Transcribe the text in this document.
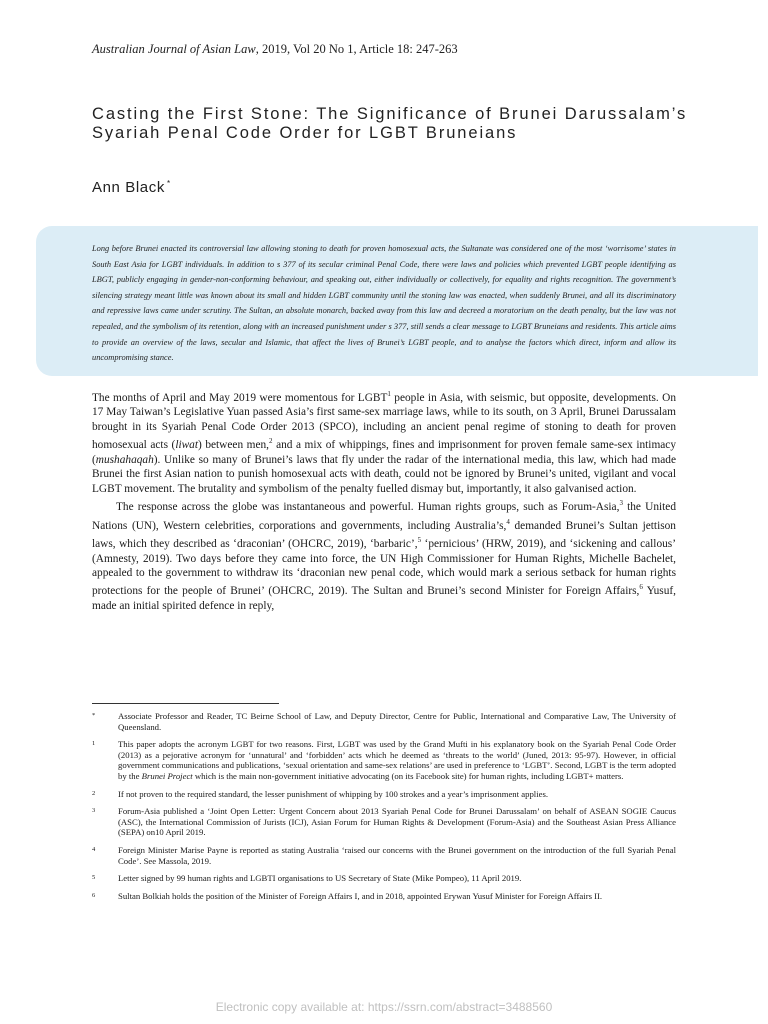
Australian Journal of Asian Law, 2019, Vol 20 No 1, Article 18: 247-263
Casting the First Stone: The Significance of Brunei Darussalam’s Syariah Penal Code Order for LGBT Bruneians
Ann Black *
Long before Brunei enacted its controversial law allowing stoning to death for proven homosexual acts, the Sultanate was considered one of the most ‘worrisome’ states in South East Asia for LGBT individuals. In addition to s 377 of its secular criminal Penal Code, there were laws and policies which prevented LGBT people identifying as LBGT, publicly engaging in gender-non-conforming behaviour, and speaking out, either individually or collectively, for equality and rights recognition. The government’s silencing strategy meant little was known about its small and hidden LGBT community until the stoning law was enacted, when suddenly Brunei, and all its discriminatory and repressive laws came under scrutiny. The Sultan, an absolute monarch, backed away from this law and decreed a moratorium on the death penalty, but the law was not repealed, and the symbolism of its retention, along with an increased punishment under s 377, still sends a clear message to LGBT Bruneians and residents. This article aims to provide an overview of the laws, secular and Islamic, that affect the lives of Brunei’s LGBT people, and to analyse the factors which direct, inform and allow its uncompromising stance.

The months of April and May 2019 were momentous for LGBT$^1$ people in Asia, with seismic, but opposite, developments. On 17 May Taiwan’s Legislative Yuan passed Asia’s first same-sex marriage laws, while to its south, on 3 April, Brunei Darussalam brought in its Syariah Penal Code Order 2013 (SPCO), including an ancient penal regime of stoning to death for proven homosexual acts (liwat) between men,$^2$ and a mix of whippings, fines and imprisonment for proven female same-sex intimacy (mushahaqah). Unlike so many of Brunei’s laws that fly under the radar of the international media, this law, which had made Brunei the first Asian nation to punish homosexual acts with death, could not be ignored by Brunei’s united, vigilant and vocal LGBT movement. The brutality and symbolism of the penalty fuelled dismay but, importantly, it also galvanised action.

The response across the globe was instantaneous and powerful. Human rights groups, such as Forum-Asia,$^3$ the United Nations (UN), Western celebrities, corporations and governments, including Australia’s,$^4$ demanded Brunei’s Sultan jettison laws, which they described as ‘draconian’ (OHCRC, 2019), ‘barbaric’,$^5$ ‘pernicious’ (HRW, 2019), and ‘sickening and callous’ (Amnesty, 2019). Two days before they came into force, the UN High Commissioner for Human Rights, Michelle Bachelet, appealed to the government to withdraw its ‘draconian new penal code, which would mark a serious setback for human rights protections for the people of Brunei’ (OHCRC, 2019). The Sultan and Brunei’s second Minister for Foreign Affairs,$^6$ Yusuf, made an initial spirited defence in reply,

*	Associate Professor and Reader, TC Beirne School of Law, and Deputy Director, Centre for Public, International and Comparative Law, The University of Queensland.
1	This paper adopts the acronym LGBT for two reasons. First, LGBT was used by the Grand Mufti in his explanatory book on the Syariah Penal Code Order (2013) as a pejorative acronym for ‘unnatural’ and ‘forbidden’ acts which he deemed as ‘threats to the world’ (Juned, 2013: 95-97). However, in official government communications and publications, ‘sexual orientation and same-sex relations’ are used in preference to ‘LGBT’. Second, LGBT is the term adopted by the Brunei Project which is the main non-government initiative advocating (on its Facebook site) for human rights, including LGBT+ matters.
2	If not proven to the required standard, the lesser punishment of whipping by 100 strokes and a year’s imprisonment applies.
3	Forum-Asia published a ‘Joint Open Letter: Urgent Concern about 2013 Syariah Penal Code for Brunei Darussalam’ on behalf of ASEAN SOGIE Caucus (ASC), the International Commission of Jurists (ICJ), Asian Forum for Human Rights & Development (Forum-Asia) and the Southeast Asian Press Alliance (SEPA) on10 April 2019.
4	Foreign Minister Marise Payne is reported as stating Australia ‘raised our concerns with the Brunei government on the introduction of the full Syariah Penal Code’. See Massola, 2019.
5	Letter signed by 99 human rights and LGBTI organisations to US Secretary of State (Mike Pompeo), 11 April 2019.
6	Sultan Bolkiah holds the position of the Minister of Foreign Affairs I, and in 2018, appointed Erywan Yusuf Minister for Foreign Affairs II.
Electronic copy available at: https://ssrn.com/abstract=3488560
